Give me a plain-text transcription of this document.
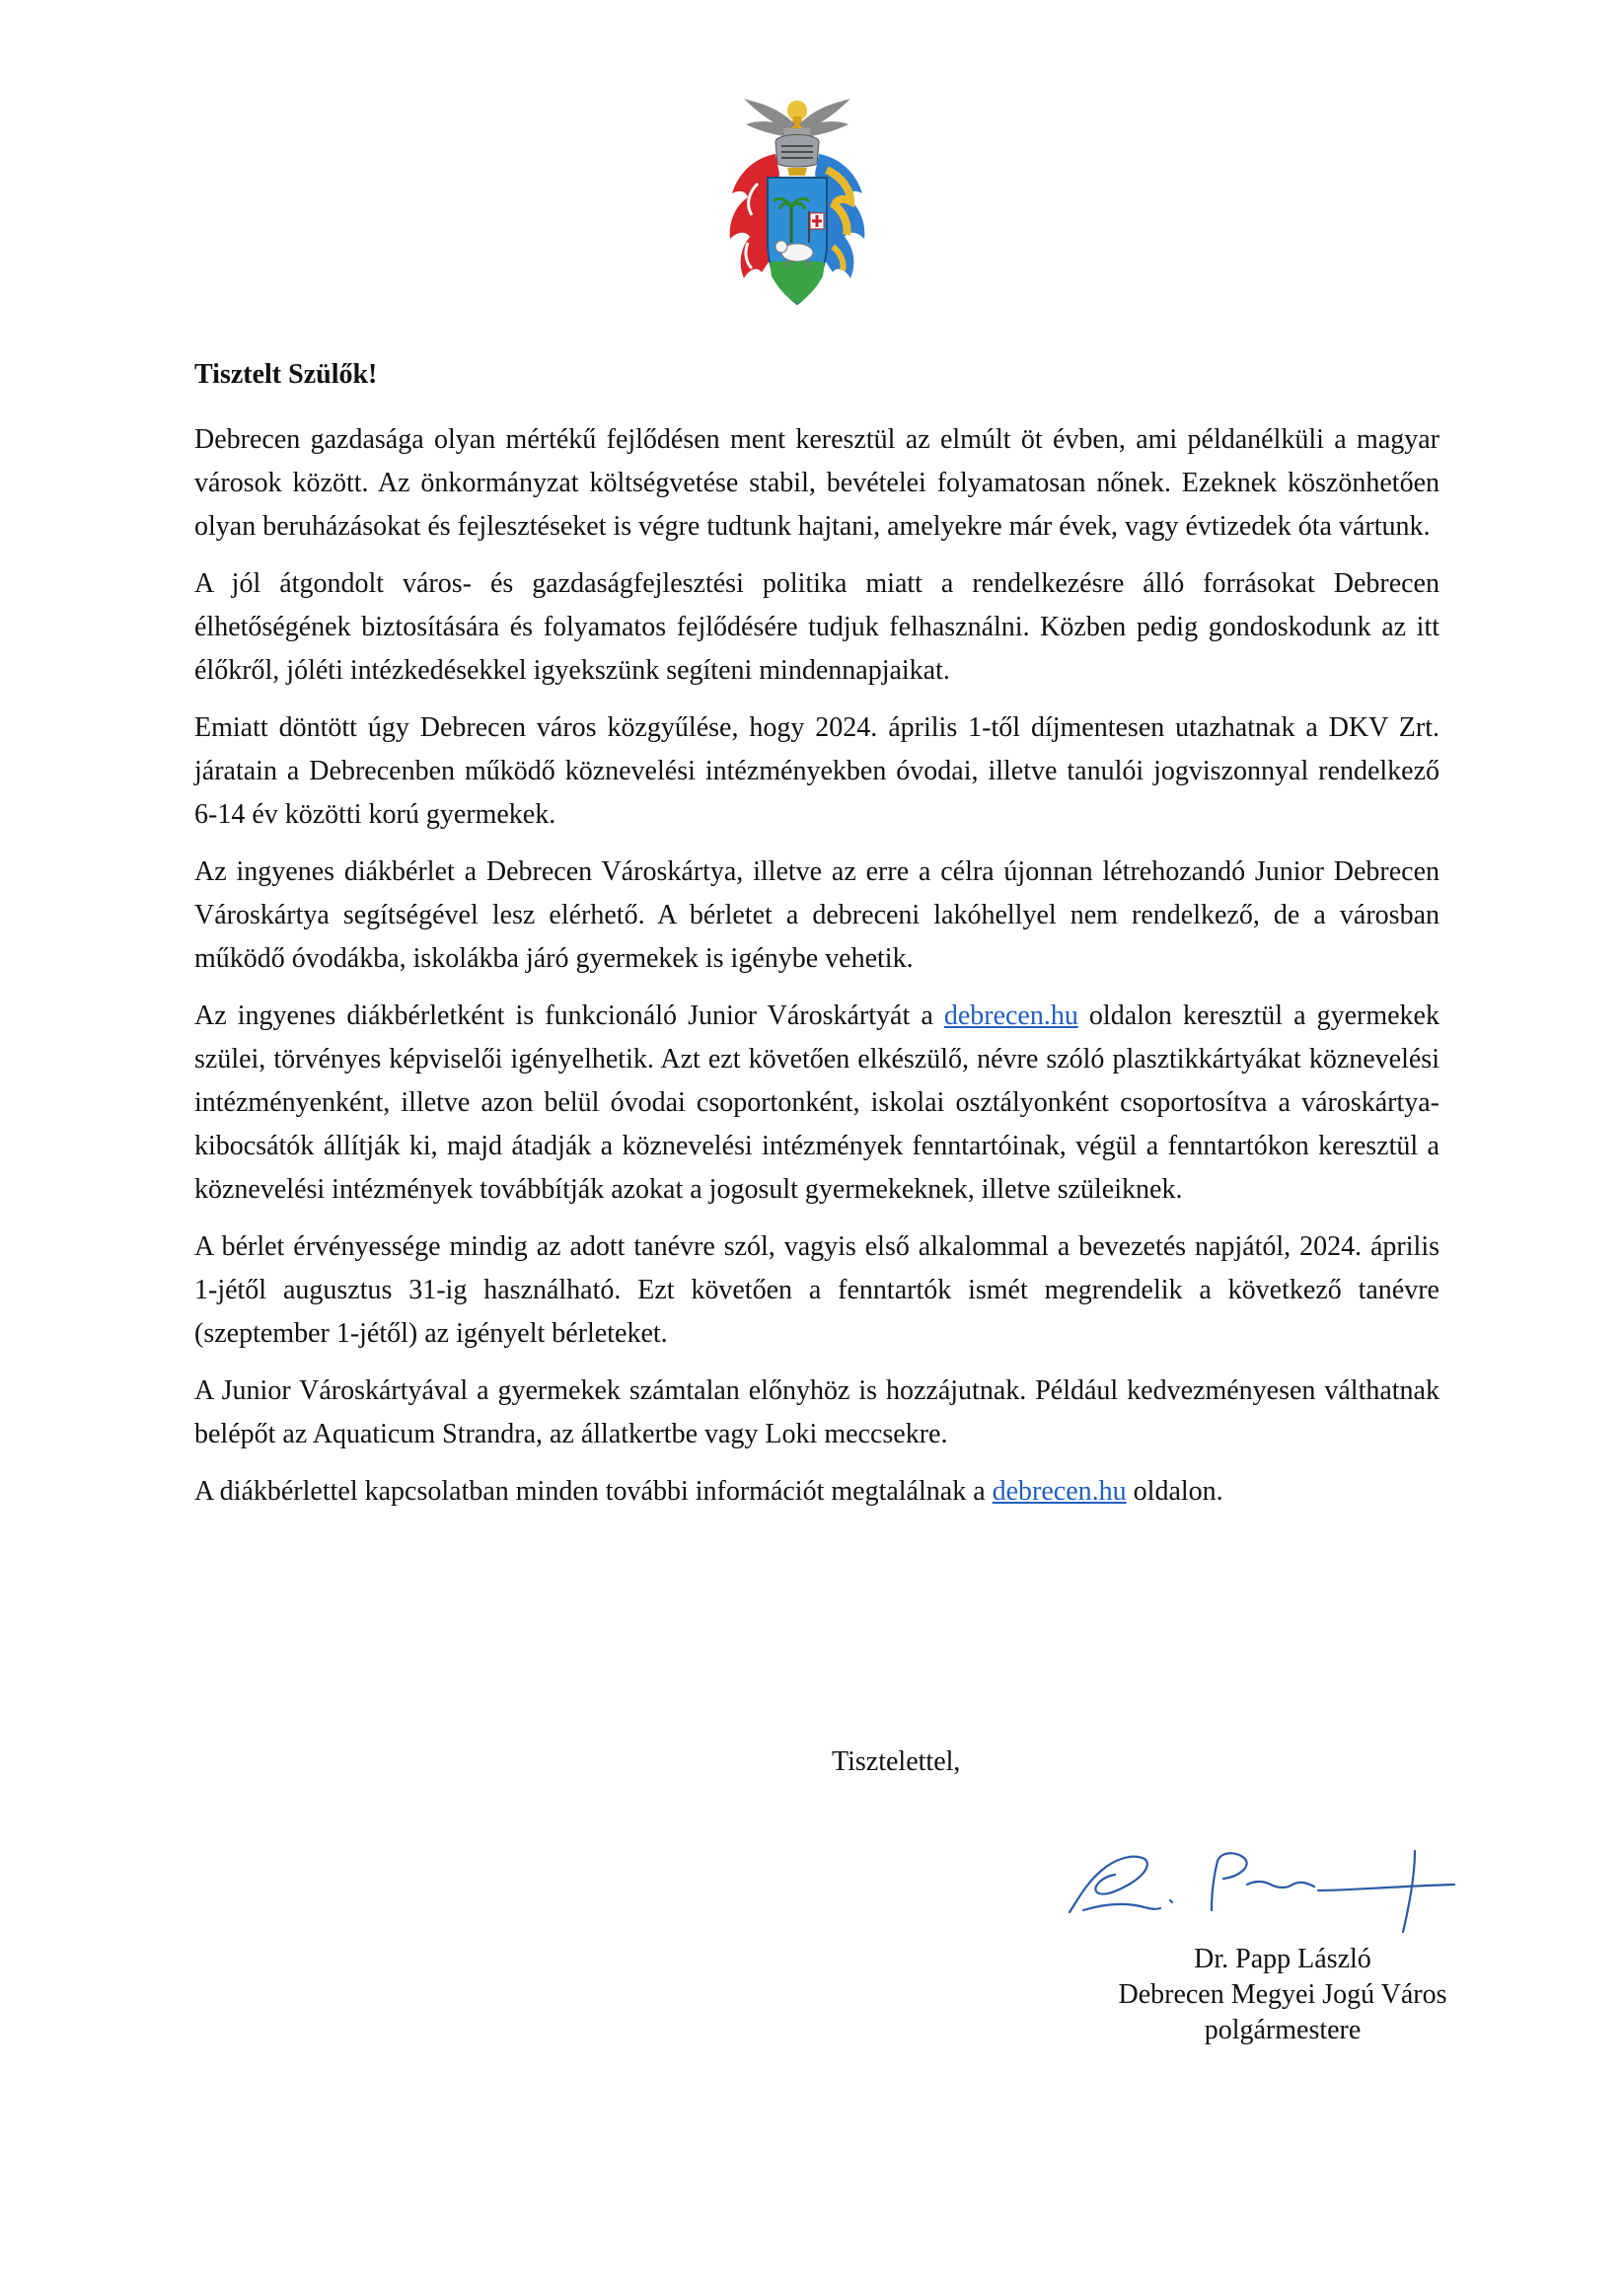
Tisztelt Szülők!

Debrecen gazdasága olyan mértékű fejlődésen ment keresztül az elmúlt öt évben, ami példanélküli a magyar városok között. Az önkormányzat költségvetése stabil, bevételei folyamatosan nőnek. Ezeknek köszönhetően olyan beruházásokat és fejlesztéseket is végre tudtunk hajtani, amelyekre már évek, vagy évtizedek óta vártunk.

A jól átgondolt város- és gazdaságfejlesztési politika miatt a rendelkezésre álló forrásokat Debrecen élhetőségének biztosítására és folyamatos fejlődésére tudjuk felhasználni. Közben pedig gondoskodunk az itt élőkről, jóléti intézkedésekkel igyekszünk segíteni mindennapjaikat.

Emiatt döntött úgy Debrecen város közgyűlése, hogy 2024. április 1-től díjmentesen utazhatnak a DKV Zrt. járatain a Debrecenben működő köznevelési intézményekben óvodai, illetve tanulói jogviszonnyal rendelkező 6-14 év közötti korú gyermekek.

Az ingyenes diákbérlet a Debrecen Városkártya, illetve az erre a célra újonnan létrehozandó Junior Debrecen Városkártya segítségével lesz elérhető. A bérletet a debreceni lakóhellyel nem rendelkező, de a városban működő óvodákba, iskolákba járó gyermekek is igénybe vehetik.

Az ingyenes diákbérletként is funkcionáló Junior Városkártyát a debrecen.hu oldalon keresztül a gyermekek szülei, törvényes képviselői igényelhetik. Azt ezt követően elkészülő, névre szóló plasztikkártyákat köznevelési intézményenként, illetve azon belül óvodai csoportonként, iskolai osztályonként csoportosítva a városkártya-kibocsátók állítják ki, majd átadják a köznevelési intézmények fenntartóinak, végül a fenntartókon keresztül a köznevelési intézmények továbbítják azokat a jogosult gyermekeknek, illetve szüleiknek.

A bérlet érvényessége mindig az adott tanévre szól, vagyis első alkalommal a bevezetés napjától, 2024. április 1-jétől augusztus 31-ig használható. Ezt követően a fenntartók ismét megrendelik a következő tanévre (szeptember 1-jétől) az igényelt bérleteket.

A Junior Városkártyával a gyermekek számtalan előnyhöz is hozzájutnak. Például kedvezményesen válthatnak belépőt az Aquaticum Strandra, az állatkertbe vagy Loki meccsekre.

A diákbérlettel kapcsolatban minden további információt megtalálnak a debrecen.hu oldalon.

Tisztelettel,
Dr. Papp László
Debrecen Megyei Jogú Város
polgármestere
